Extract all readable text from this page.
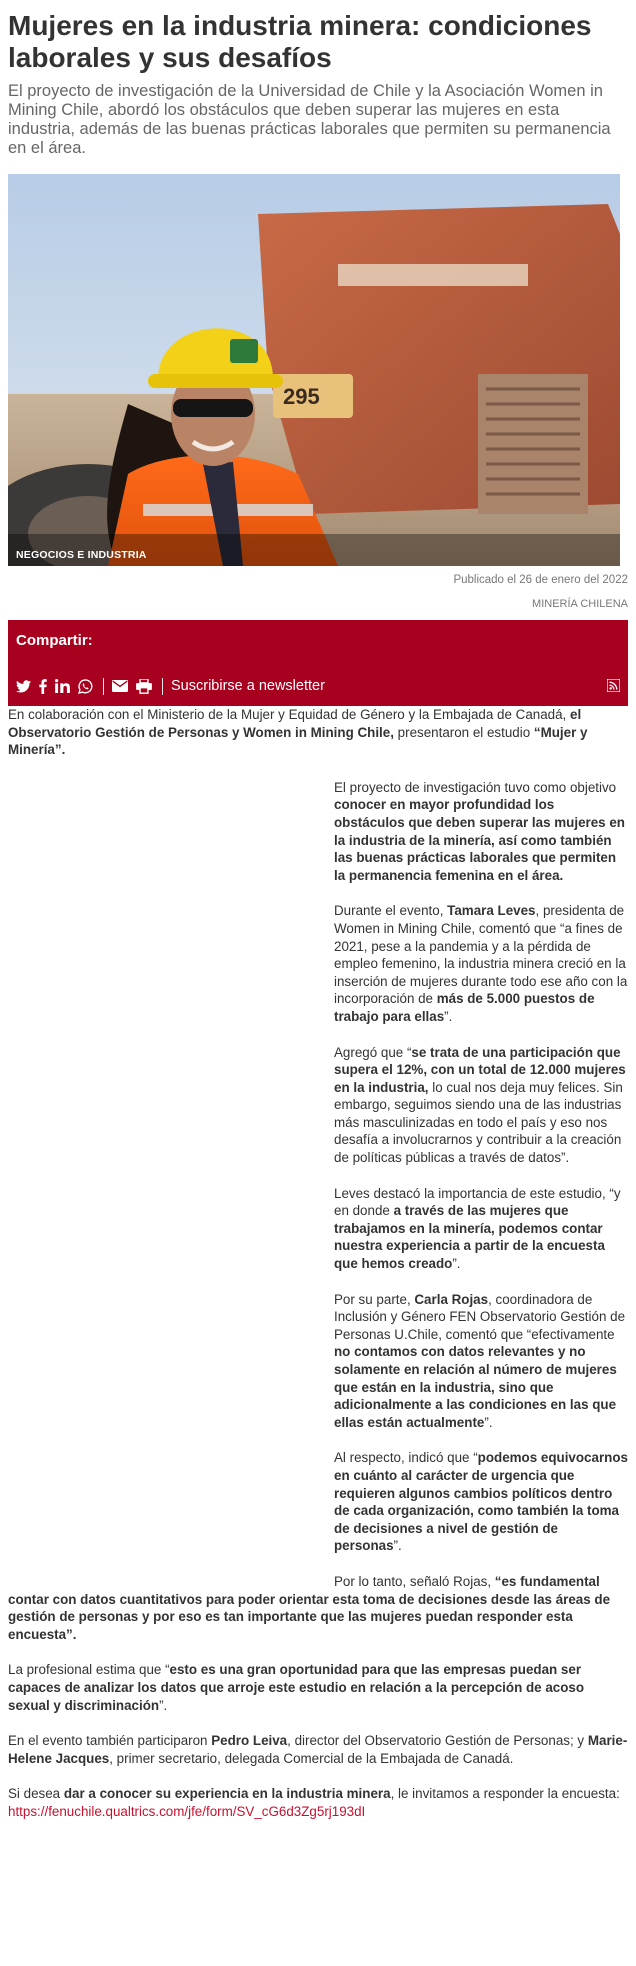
Mujeres en la industria minera: condiciones laborales y sus desafíos

El proyecto de investigación de la Universidad de Chile y la Asociación Women in Mining Chile, abordó los obstáculos que deben superar las mujeres en esta industria, además de las buenas prácticas laborales que permiten su permanencia en el área.

295
NEGOCIOS E INDUSTRIA
Publicado el 26 de enero del 2022
MINERÍA CHILENA
Compartir:
Suscribirse a newsletter

En colaboración con el Ministerio de la Mujer y Equidad de Género y la Embajada de Canadá, el Observatorio Gestión de Personas y Women in Mining Chile, presentaron el estudio “Mujer y Minería”.

El proyecto de investigación tuvo como objetivo conocer en mayor profundidad los obstáculos que deben superar las mujeres en la industria de la minería, así como también las buenas prácticas laborales que permiten la permanencia femenina en el área.

Durante el evento, Tamara Leves, presidenta de Women in Mining Chile, comentó que “a fines de 2021, pese a la pandemia y a la pérdida de empleo femenino, la industria minera creció en la inserción de mujeres durante todo ese año con la incorporación de más de 5.000 puestos de trabajo para ellas”.

Agregó que “se trata de una participación que supera el 12%, con un total de 12.000 mujeres en la industria, lo cual nos deja muy felices. Sin embargo, seguimos siendo una de las industrias más masculinizadas en todo el país y eso nos desafía a involucrarnos y contribuir a la creación de políticas públicas a través de datos”.

Leves destacó la importancia de este estudio, “y en donde a través de las mujeres que trabajamos en la minería, podemos contar nuestra experiencia a partir de la encuesta que hemos creado”.

Por su parte, Carla Rojas, coordinadora de Inclusión y Género FEN Observatorio Gestión de Personas U.Chile, comentó que “efectivamente no contamos con datos relevantes y no solamente en relación al número de mujeres que están en la industria, sino que adicionalmente a las condiciones en las que ellas están actualmente”.

Al respecto, indicó que “podemos equivocarnos en cuánto al carácter de urgencia que requieren algunos cambios políticos dentro de cada organización, como también la toma de decisiones a nivel de gestión de personas”.

Por lo tanto, señaló Rojas, “es fundamental contar con datos cuantitativos para poder orientar esta toma de decisiones desde las áreas de gestión de personas y por eso es tan importante que las mujeres puedan responder esta encuesta”.

La profesional estima que “esto es una gran oportunidad para que las empresas puedan ser capaces de analizar los datos que arroje este estudio en relación a la percepción de acoso sexual y discriminación”.

En el evento también participaron Pedro Leiva, director del Observatorio Gestión de Personas; y Marie-Helene Jacques, primer secretario, delegada Comercial de la Embajada de Canadá.

Si desea dar a conocer su experiencia en la industria minera, le invitamos a responder la encuesta: https://fenuchile.qualtrics.com/jfe/form/SV_cG6d3Zg5rj193dI
